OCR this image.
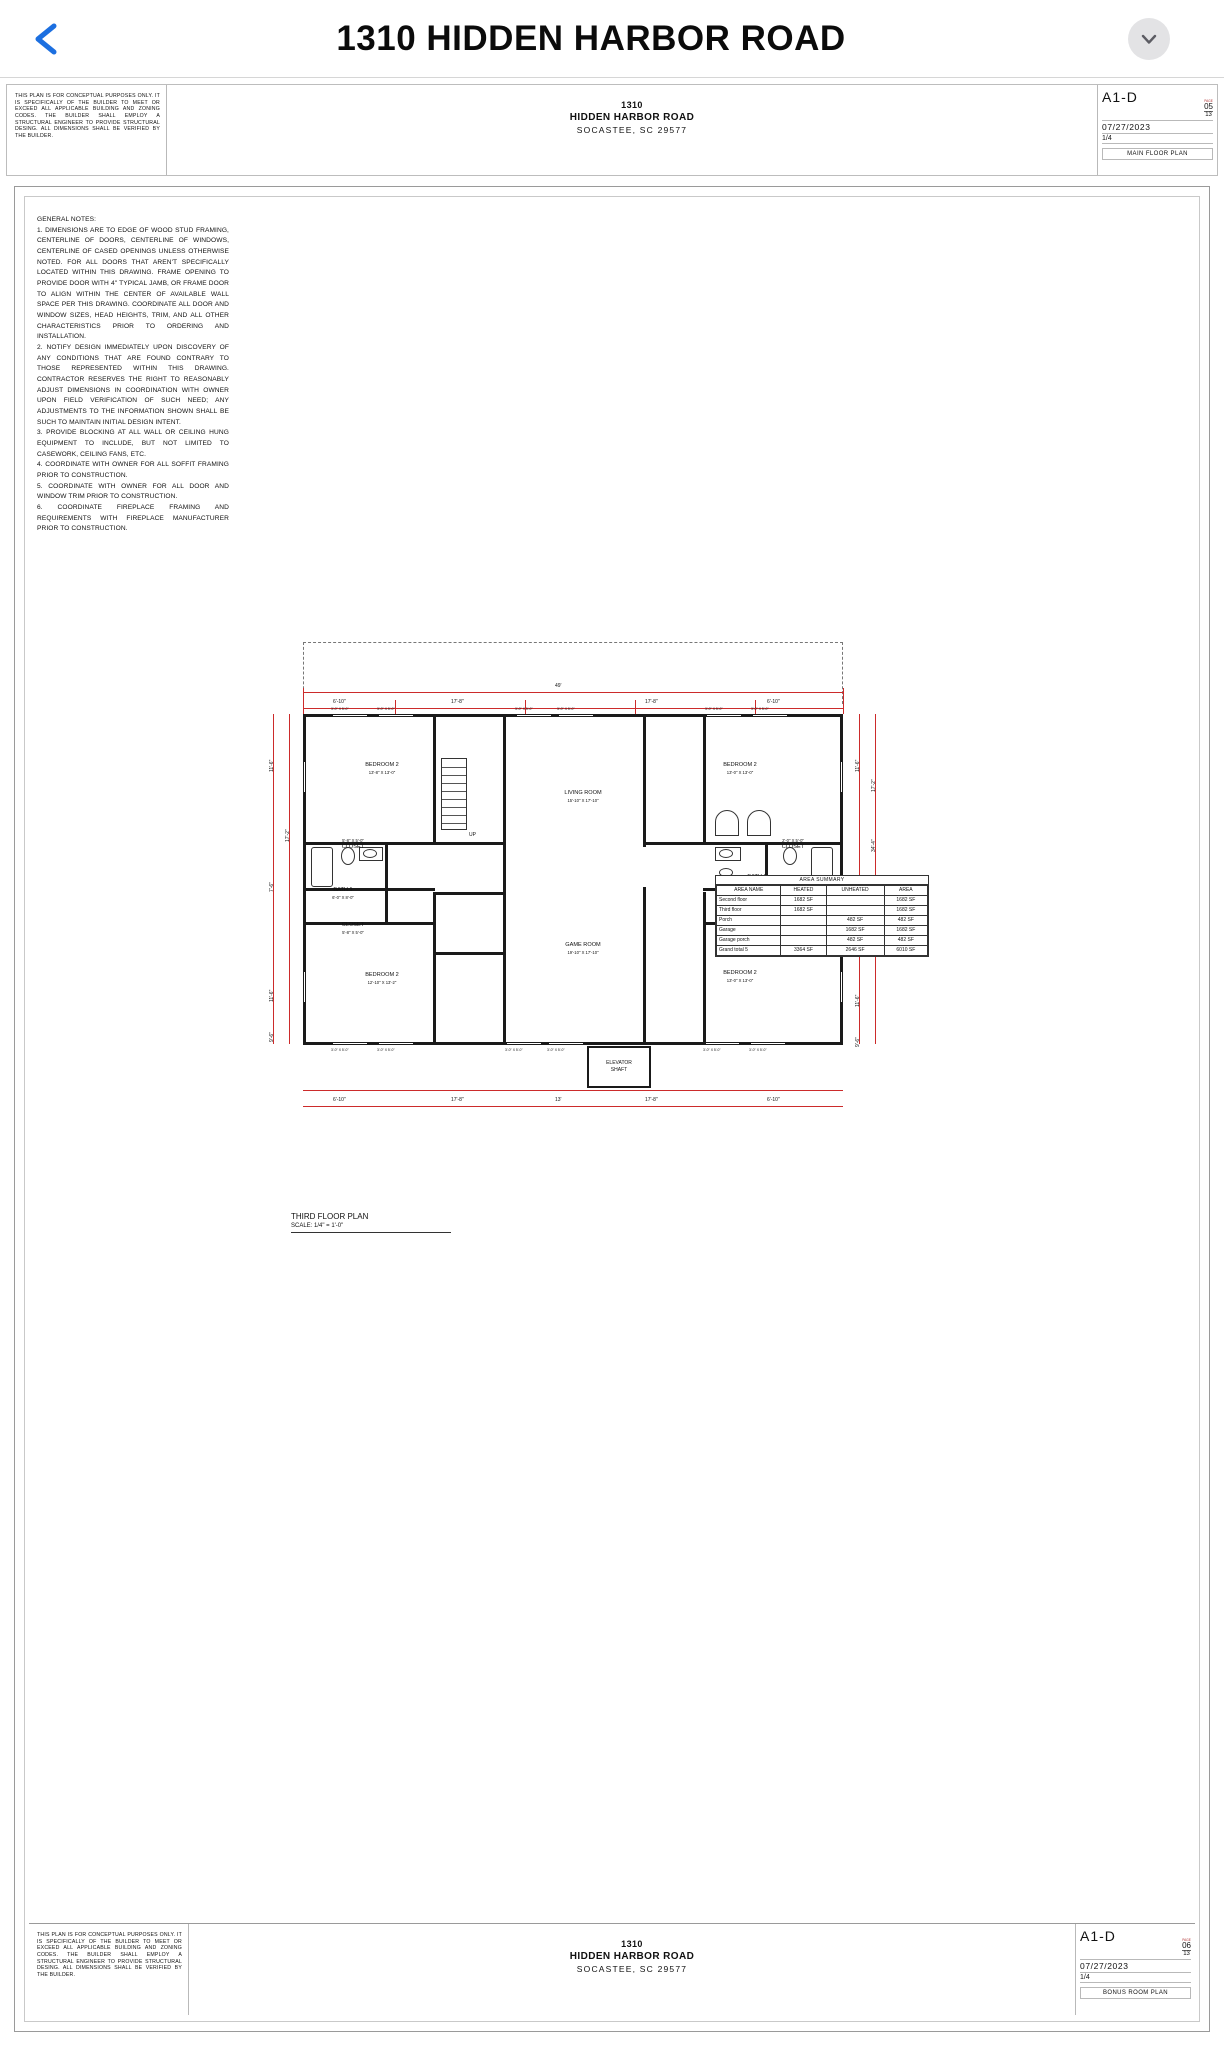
1310 HIDDEN HARBOR ROAD
THIS PLAN IS FOR CONCEPTUAL PURPOSES ONLY. IT IS SPECIFICALLY OF THE BUILDER TO MEET OR EXCEED ALL APPLICABLE BUILDING AND ZONING CODES. THE BUILDER SHALL EMPLOY A STRUCTURAL ENGINEER TO PROVIDE STRUCTURAL DESING. ALL DIMENSIONS SHALL BE VERIFIED BY THE BUILDER.
1310
HIDDEN HARBOR ROAD
SOCASTEE, SC 29577
A1-D	PAGE
05
13
07/27/2023
1/4
MAIN FLOOR PLAN

GENERAL NOTES:

1. DIMENSIONS ARE TO EDGE OF WOOD STUD FRAMING, CENTERLINE OF DOORS, CENTERLINE OF WINDOWS, CENTERLINE OF CASED OPENINGS UNLESS OTHERWISE NOTED. FOR ALL DOORS THAT AREN'T SPECIFICALLY LOCATED WITHIN THIS DRAWING. FRAME OPENING TO PROVIDE DOOR WITH 4" TYPICAL JAMB, OR FRAME DOOR TO ALIGN WITHIN THE CENTER OF AVAILABLE WALL SPACE PER THIS DRAWING. COORDINATE ALL DOOR AND WINDOW SIZES, HEAD HEIGHTS, TRIM, AND ALL OTHER CHARACTERISTICS PRIOR TO ORDERING AND INSTALLATION.

2. NOTIFY DESIGN IMMEDIATELY UPON DISCOVERY OF ANY CONDITIONS THAT ARE FOUND CONTRARY TO THOSE REPRESENTED WITHIN THIS DRAWING. CONTRACTOR RESERVES THE RIGHT TO REASONABLY ADJUST DIMENSIONS IN COORDINATION WITH OWNER UPON FIELD VERIFICATION OF SUCH NEED; ANY ADJUSTMENTS TO THE INFORMATION SHOWN SHALL BE SUCH TO MAINTAIN INITIAL DESIGN INTENT.

3. PROVIDE BLOCKING AT ALL WALL OR CEILING HUNG EQUIPMENT TO INCLUDE, BUT NOT LIMITED TO CASEWORK, CEILING FANS, ETC.

4. COORDINATE WITH OWNER FOR ALL SOFFIT FRAMING PRIOR TO CONSTRUCTION.

5. COORDINATE WITH OWNER FOR ALL DOOR AND WINDOW TRIM PRIOR TO CONSTRUCTION.

6. COORDINATE FIREPLACE FRAMING AND REQUIREMENTS WITH FIREPLACE MANUFACTURER PRIOR TO CONSTRUCTION.

49'
6'-10"	17'-8"	17'-8"	6'-10"
11'-6"
7'-6"
11'-6"
17'-2"
9'-6"
11'-6"
34'-4"
11'-6"
17'-2"
9'-6"
6'-10"	17'-8"	13'	17'-8"	6'-10"
3'-0" X 5'-0"	3'-0" X 5'-0"	3'-0" X 5'-0"	3'-0" X 5'-0"	3'-0" X 5'-0"	3'-0" X 5'-0"
3'-0" X 5'-0"	3'-0" X 5'-0"	3'-0" X 5'-0"	3'-0" X 5'-0"	3'-0" X 5'-0"	3'-0" X 5'-0"
UP
ELEVATOR
SHAFT
BEDROOM 2
13'-8" X 13'-0"
BEDROOM 2
12'-10" X 13'-2"
BEDROOM 2
13'-0" X 13'-0"
BEDROOM 2
13'-0" X 13'-0"
LIVING ROOM
15'-10" X 17'-10"
GAME ROOM
19'-10" X 17'-10"
BATH 1
6'-0" X 8'-0"
5'-8" X 5'-0"
CLOSET
CLOSET
5'-8" X 5'-0"
2'-0" X 5'-0"
CLOSET
THIRD FLOOR PLAN
SCALE: 1/4" = 1'-0"
AREA SUMMARY
AREA NAME	HEATED	UNHEATED	AREA
Second floor	1682 SF		1682 SF
Third floor	1682 SF		1682 SF
Porch		482 SF	482 SF
Garage		1682 SF	1682 SF
Garage porch		482 SF	482 SF
Grand total 5	3364 SF	2646 SF	6010 SF
THIS PLAN IS FOR CONCEPTUAL PURPOSES ONLY. IT IS SPECIFICALLY OF THE BUILDER TO MEET OR EXCEED ALL APPLICABLE BUILDING AND ZONING CODES. THE BUILDER SHALL EMPLOY A STRUCTURAL ENGINEER TO PROVIDE STRUCTURAL DESING. ALL DIMENSIONS SHALL BE VERIFIED BY THE BUILDER.
1310
HIDDEN HARBOR ROAD
SOCASTEE, SC 29577
A1-D	PAGE
06
13
07/27/2023
1/4
BONUS ROOM PLAN
